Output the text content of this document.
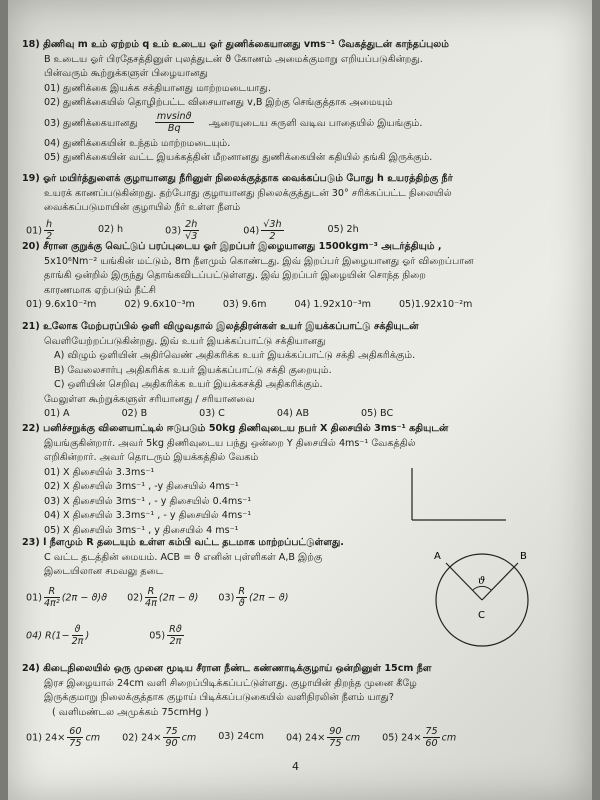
18) திணிவு m உம் ஏற்றம் q உம் உடைய ஓர் துணிக்கையானது vms⁻¹ வேகத்துடன் காந்தப்புலம்
B உடைய ஓர் பிரதேசத்தினுள் புலத்துடன் ϑ கோணம் அமைக்குமாறு எறியப்படுகின்றது.
பின்வரும் கூற்றுக்களுள் பிழையானது
01) துணிக்கை இயக்க சக்தியானது மாற்றமடையாது.
02) துணிக்கையில் தொழிற்பட்ட விசையானது v,B இற்கு செங்குத்தாக அமையும்
03) துணிக்கையானது $\frac{mvsinϑ}{Bq}$ ஆரையுடைய சுருளி வடிவ பாதையில் இயங்கும்.
04) துணிக்கையின் உந்தம் மாற்றமடையும்.
05) துணிக்கையின் வட்ட இயக்கத்தின் மீறனானது துணிக்கையின் கதியில் தங்கி இருக்கும்.
19) ஓர் மயிர்த்துளைக் குழாயானது நீரினுள் நிலைக்குத்தாக வைக்கப்படும் போது h உயரத்திற்கு நீர்
உயரக் காணப்படுகின்றது. தற்போது குழாயானது நிலைக்குத்துடன் 30° சரிக்கப்பட்ட நிலையில்
வைக்கப்படுமாயின் குழாயில் நீர் உள்ள நீளம்
$01) \frac{h}{2}$	02) h	$03) \frac{2h}{√3}$	$04) \frac{√3h}{2}$	05) 2h
20) சீரான குறுக்கு வெட்டுப் பரப்புடைய ஓர் இறப்பர் இழையானது 1500kgm⁻³ அடர்த்தியும் ,
5x10⁶Nm⁻² யங்கின் மட்டும், 8m நீளமும் கொண்டது. இவ் இறப்பர் இழையானது ஓர் விறைப்பான
தாங்கி ஒன்றில் இருந்து தொங்கவிடப்பட்டுள்ளது. இவ் இறப்பர் இழையின் சொந்த நிறை
காரணமாக ஏற்படும் நீட்சி
01) 9.6x10⁻²m	02) 9.6x10⁻³m	03) 9.6m	04) 1.92x10⁻³m	05)1.92x10⁻²m
21) உலோக மேற்பரப்பில் ஒளி விழுவதால் இலத்திரன்கள் உயர் இயக்கப்பாட்டு சக்தியுடன்
வெளியேற்றப்படுகின்றது. இவ் உயர் இயக்கப்பாட்டு சக்தியானது
A) விழும் ஒளியின் அதிர்வெண் அதிகரிக்க உயர் இயக்கப்பாட்டு சக்தி அதிகரிக்கும்.
B) வேலைசார்பு அதிகரிக்க உயர் இயக்கப்பாட்டு சக்தி குறையும்.
C) ஒளியின் செறிவு அதிகரிக்க உயர் இயக்கசக்தி அதிகரிக்கும்.
மேலுள்ள கூற்றுக்களுள் சரியானது / சரியானவை
01) A	02) B	03) C	04) AB	05) BC
22) பனிச்சறுக்கு விளையாட்டில் ஈடுபடும் 50kg திணிவுடைய நபர் X திசையில் 3ms⁻¹ கதியுடன்
இயங்குகின்றார். அவர் 5kg திணிவுடைய பந்து ஒன்றை Y திசையில் 4ms⁻¹ வேகத்தில்
எறிகின்றார். அவர் தொடரும் இயக்கத்தில் வேகம்
01) X திசையில் 3.3ms⁻¹
02) X திசையில் 3ms⁻¹ , -y திசையில் 4ms⁻¹
03) X திசையில் 3ms⁻¹ , - y திசையில் 0.4ms⁻¹
04) X திசையில் 3.3ms⁻¹ , - y திசையில் 4ms⁻¹
05) X திசையில் 3ms⁻¹ , y திசையில் 4 ms⁻¹
23) l நீளமும் R தடையும் உள்ள கம்பி வட்ட தடமாக மாற்றப்பட்டுள்ளது.
C வட்ட தடத்தின் மையம். ACB = ϑ எனின் புள்ளிகள் A,B இற்கு
இடையிலான சமவலு தடை
$01) \frac{R}{\text{4π²}} (2\pi - ϑ)ϑ$ $02) \frac{R}{4\pi} (2\pi - ϑ)$ $03) \frac{R}{ϑ} (2\pi - ϑ)$
04) $R(1- \frac{ϑ}{2\pi}$ )	$05) \frac{Rϑ}{2\pi}$
A	B
C
ϑ
24) கிடைநிலையில் ஒரு முனை மூடிய சீரான நீண்ட கண்ணாடிக்குழாய் ஒன்றினுள் 15cm நீள
இரச இழையால் 24cm வளி சிறைப்பிடிக்கப்பட்டுள்ளது. குழாயின் திறந்த முனை கீழே
இருக்குமாறு நிலைக்குத்தாக குழாய் பிடிக்கப்படுகையில் வளிநிரலின் நீளம் யாது?
( வளிமண்டல அமுக்கம் 75cmHg )
01) $24\times \frac{60}{75}$ cm 02) $24\times \frac{75}{90}$ cm 03) 24cm 04) $24\times \frac{90}{75}$ cm 05) $24\times \frac{75}{60}$ cm
4
